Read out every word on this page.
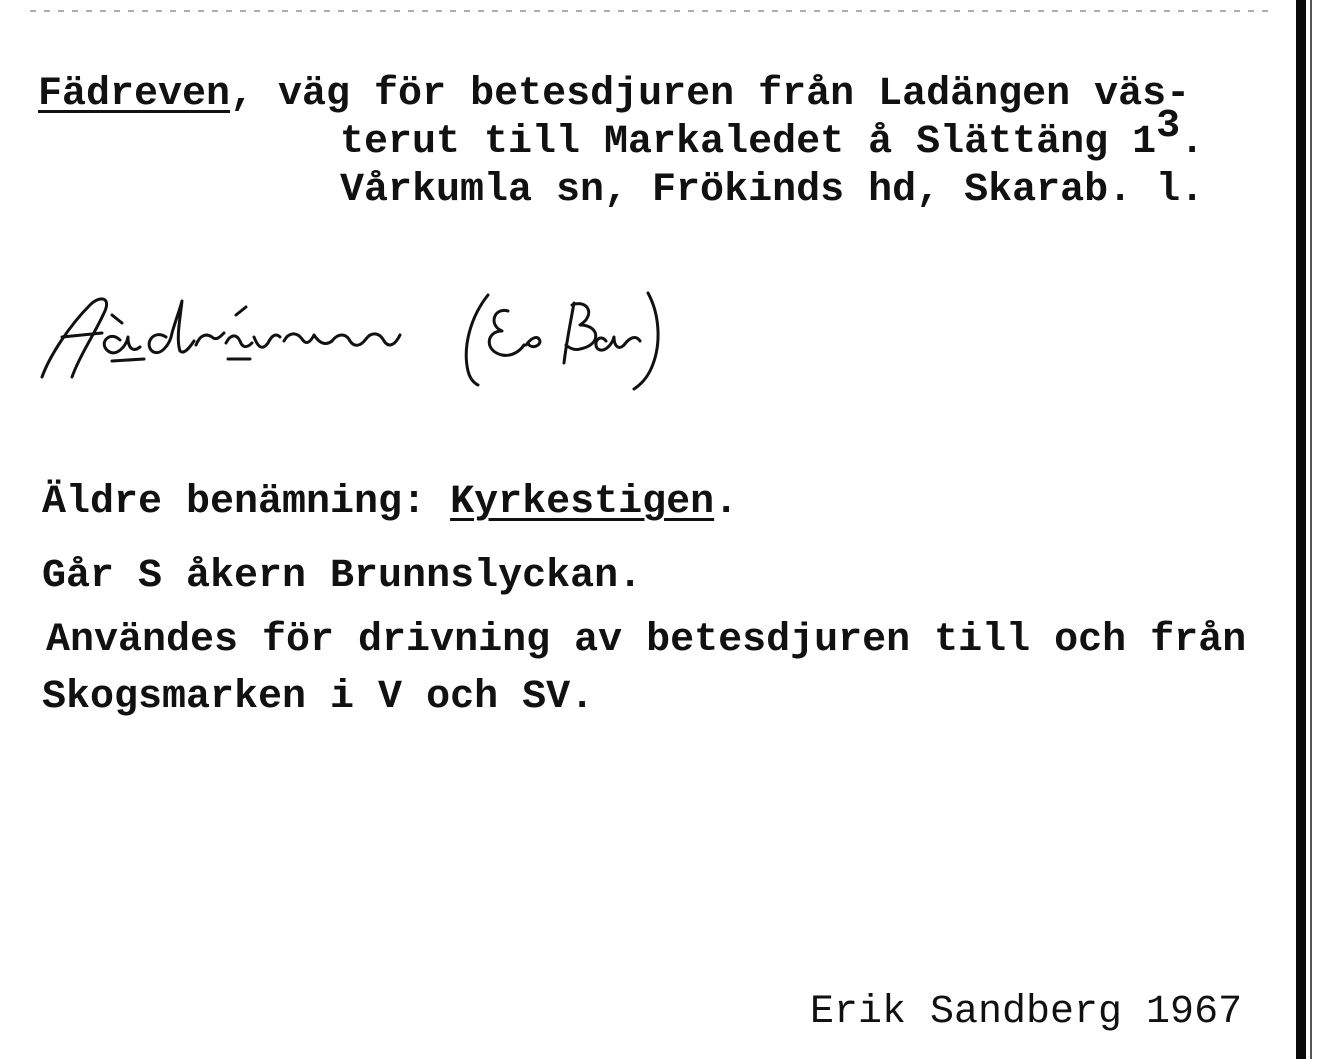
Fädreven, väg för betesdjuren från Ladängen väs-
terut till Markaledet å Slättäng 13.
Vårkumla sn, Frökinds hd, Skarab. l.
Äldre benämning: Kyrkestigen.
Går S åkern Brunnslyckan.
Användes för drivning av betesdjuren till och från
Skogsmarken i V och SV.
Erik Sandberg 1967
